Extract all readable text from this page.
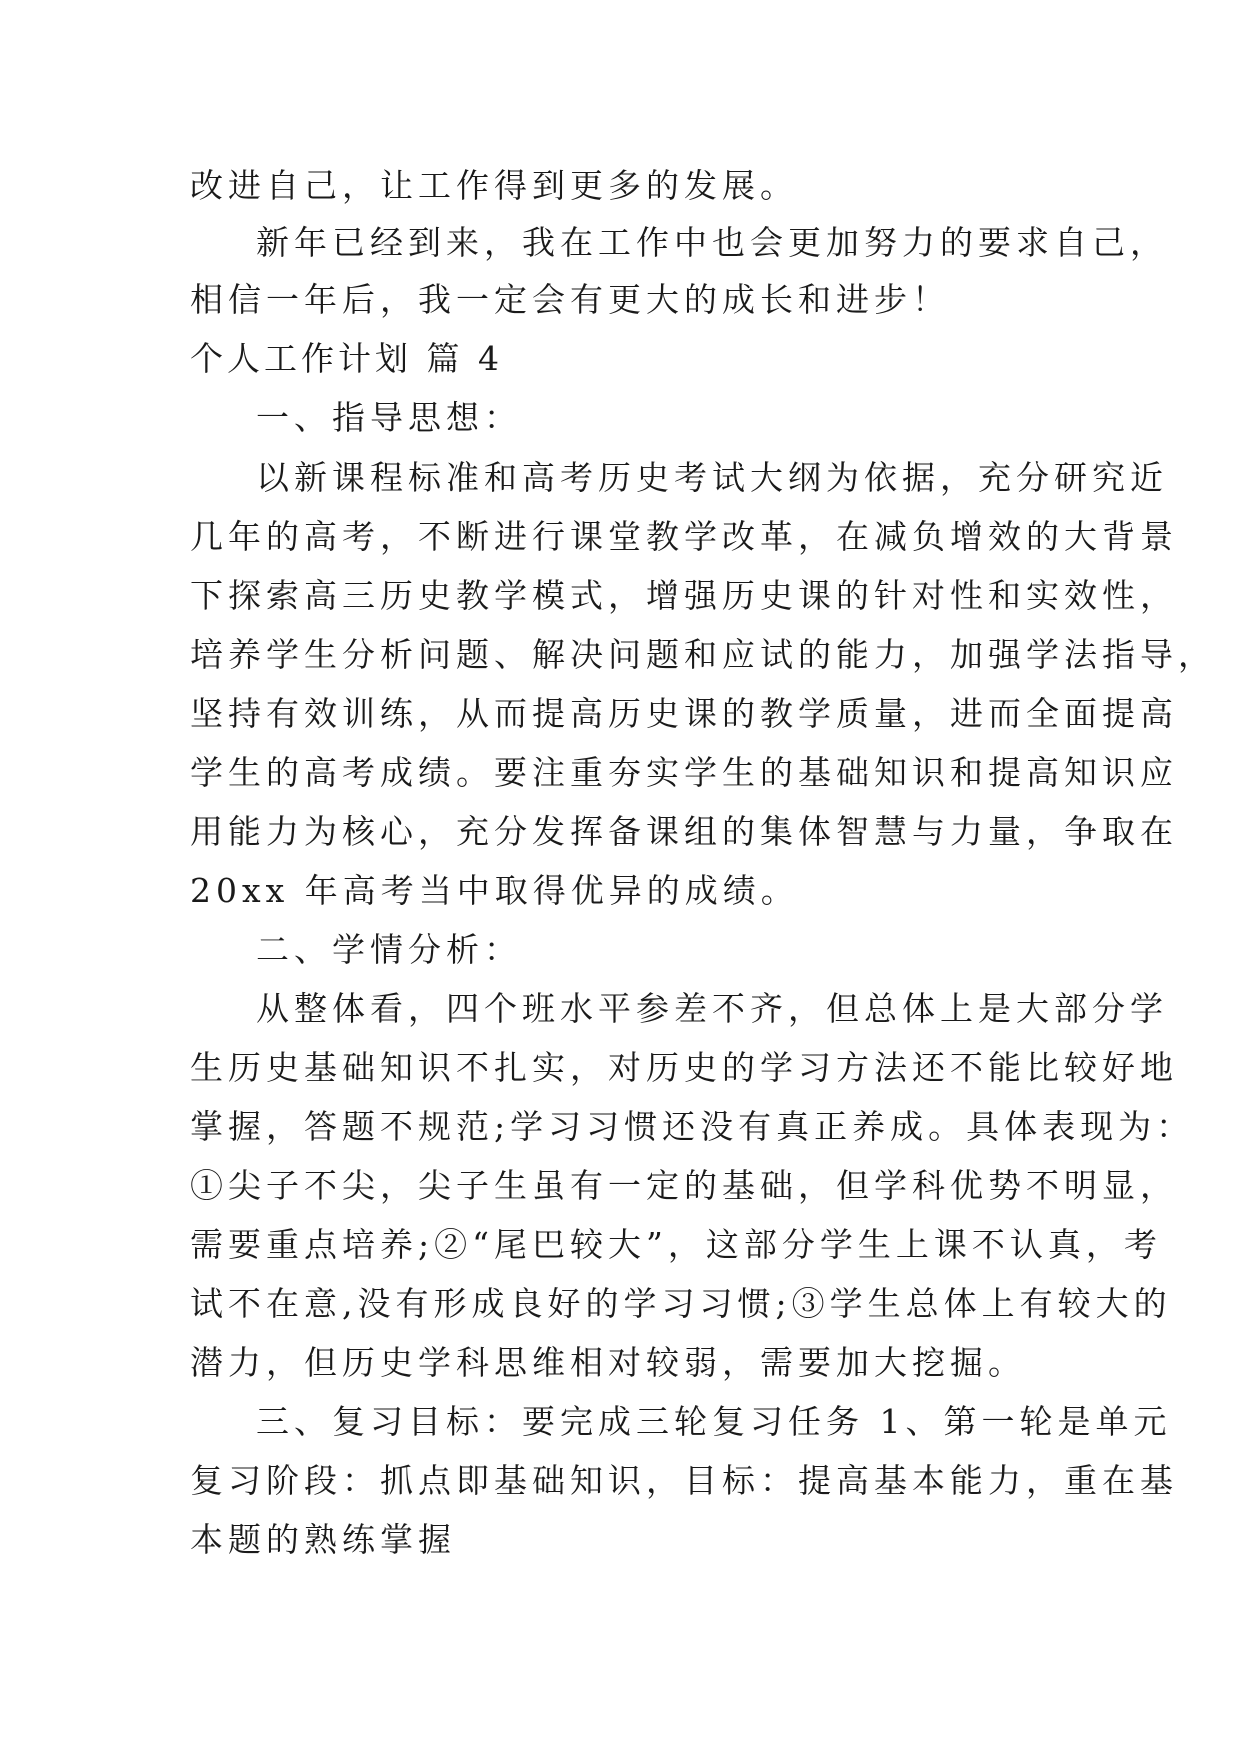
改进自己，让工作得到更多的发展。
新年已经到来，我在工作中也会更加努力的要求自己，
相信一年后，我一定会有更大的成长和进步！
个人工作计划 篇 4
一、指导思想：
以新课程标准和高考历史考试大纲为依据，充分研究近
几年的高考，不断进行课堂教学改革，在减负增效的大背景
下探索高三历史教学模式，增强历史课的针对性和实效性，
培养学生分析问题、解决问题和应试的能力，加强学法指导，
坚持有效训练，从而提高历史课的教学质量，进而全面提高
学生的高考成绩。要注重夯实学生的基础知识和提高知识应
用能力为核心，充分发挥备课组的集体智慧与力量，争取在
20xx 年高考当中取得优异的成绩。
二、学情分析：
从整体看，四个班水平参差不齐，但总体上是大部分学
生历史基础知识不扎实，对历史的学习方法还不能比较好地
掌握，答题不规范;学习习惯还没有真正养成。具体表现为：
①尖子不尖，尖子生虽有一定的基础，但学科优势不明显，
需要重点培养;②“尾巴较大”，这部分学生上课不认真，考
试不在意,没有形成良好的学习习惯;③学生总体上有较大的
潜力，但历史学科思维相对较弱，需要加大挖掘。
三、复习目标：要完成三轮复习任务 1、第一轮是单元
复习阶段：抓点即基础知识，目标：提高基本能力，重在基
本题的熟练掌握
